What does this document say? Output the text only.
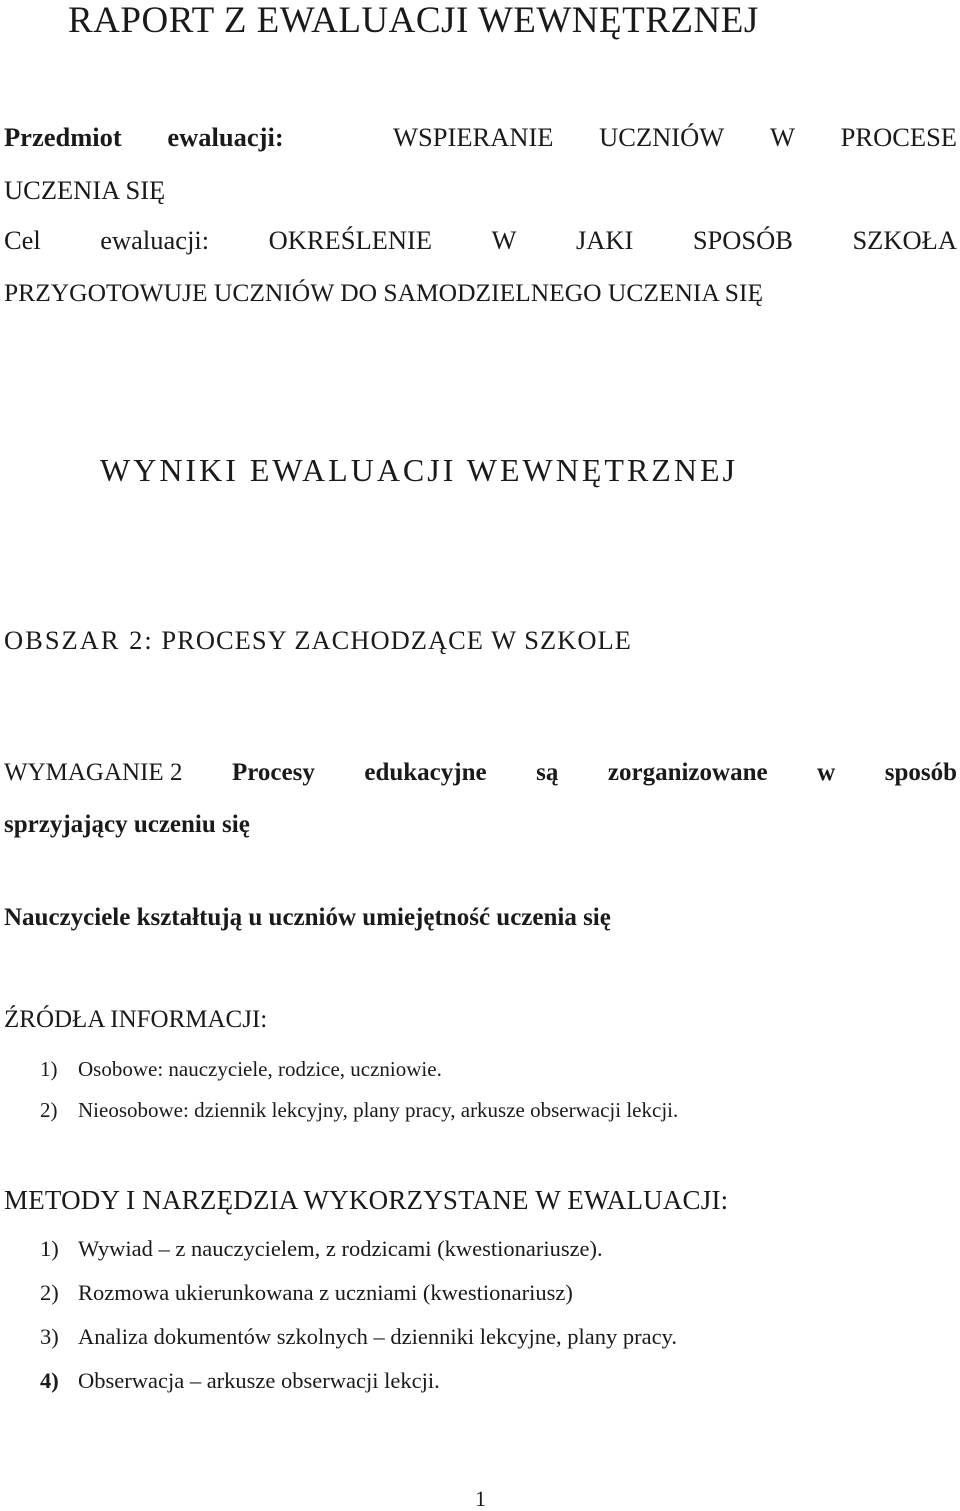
RAPORT Z EWALUACJI WEWNĘTRZNEJ
Przedmiot ewaluacji:	WSPIERANIE UCZNIÓW W PROCESE
UCZENIA SIĘ
Cel ewaluacji: OKREŚLENIE W JAKI SPOSÓB SZKOŁA
PRZYGOTOWUJE UCZNIÓW DO SAMODZIELNEGO UCZENIA SIĘ
WYNIKI EWALUACJI WEWNĘTRZNEJ
OBSZAR 2: PROCESY ZACHODZĄCE W SZKOLE
WYMAGANIE 2 Procesy edukacyjne są zorganizowane w sposób
sprzyjający uczeniu się
Nauczyciele kształtują u uczniów umiejętność uczenia się
ŹRÓDŁA INFORMACJI:
1) Osobowe: nauczyciele, rodzice, uczniowie.
2) Nieosobowe: dziennik lekcyjny, plany pracy, arkusze obserwacji lekcji.
METODY I NARZĘDZIA WYKORZYSTANE W EWALUACJI:
1) Wywiad – z nauczycielem, z rodzicami (kwestionariusze).
2) Rozmowa ukierunkowana z uczniami (kwestionariusz)
3) Analiza dokumentów szkolnych – dzienniki lekcyjne, plany pracy.
4) Obserwacja – arkusze obserwacji lekcji.
1
